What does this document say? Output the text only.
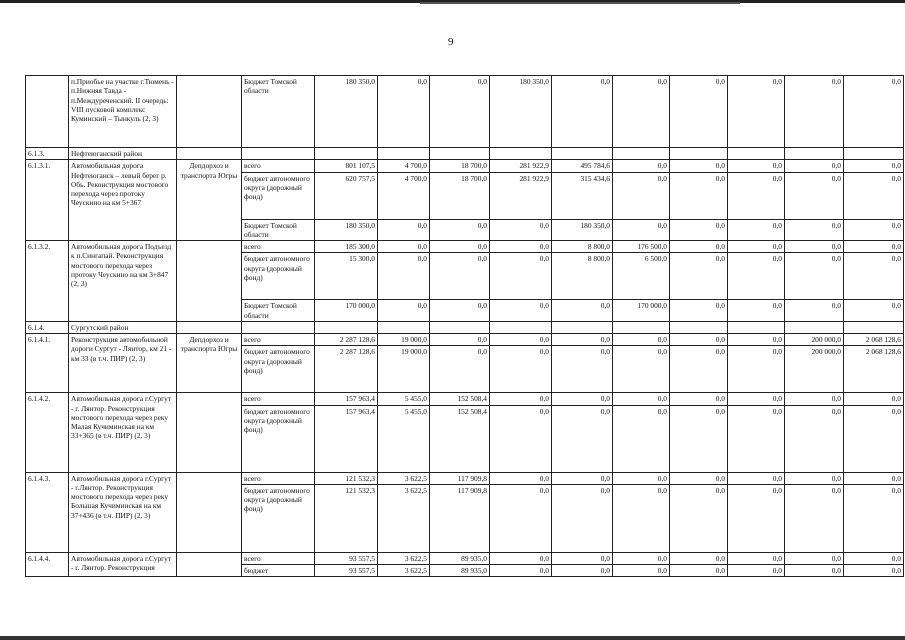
9
	п.Приобье на участке г.Тюмень - п.Нижняя Тавда - п.Междуреченский. II очередь: VIII пусковой комплекс Куминский – Тынкуль (2, 3)		Бюджет Томской области	180 350,0	0,0	0,0	180 350,0	0,0	0,0	0,0	0,0	0,0	0,0
6.1.3.	Нефтеюганский район												
6.1.3.1.	Автомобильная дорога Нефтеюганск – левый берег р. Обь. Реконструкция мостового перехода через протоку Чеускино на км 5+367	Депдорхоз и транспорта Югры	всего	801 107,5	4 700,0	18 700,0	281 922,9	495 784,6	0,0	0,0	0,0	0,0	0,0
			бюджет автономного округа (дорожный фонд)	620 757,5	4 700,0	18 700,0	281 922,9	315 434,6	0,0	0,0	0,0	0,0	0,0
			Бюджет Томской области	180 350,0	0,0	0,0	0,0	180 350,0	0,0	0,0	0,0	0,0	0,0
6.1.3.2.	Автомобильная дорога Подъезд к п.Сингапай. Реконструкция мостового перехода через протоку Чеускино на км 3+847 (2, 3)		всего	185 300,0	0,0	0,0	0,0	8 800,0	176 500,0	0,0	0,0	0,0	0,0
			бюджет автономного округа (дорожный фонд)	15 300,0	0,0	0,0	0,0	8 800,0	6 500,0	0,0	0,0	0,0	0,0
			Бюджет Томской области	170 000,0	0,0	0,0	0,0	0,0	170 000,0	0,0	0,0	0,0	0,0
6.1.4.	Сургутский район												
6.1.4.1.	Реконструкция автомобильной дороги Сургут - Лянтор, км 21 - км 33 (в т.ч. ПИР) (2, 3)	Депдорхоз и транспорта Югры	всего	2 287 128,6	19 000,0	0,0	0,0	0,0	0,0	0,0	0,0	200 000,0	2 068 128,6
			бюджет автономного округа (дорожный фонд)	2 287 128,6	19 000,0	0,0	0,0	0,0	0,0	0,0	0,0	200 000,0	2 068 128,6
6.1.4.2.	Автомобильная дорога г.Сургут - г. Лянтор. Реконструкция мостового перехода через реку Малая Кучиминская на км 33+365 (в т.ч. ПИР) (2, 3)		всего	157 963,4	5 455,0	152 508,4	0,0	0,0	0,0	0,0	0,0	0,0	0,0
			бюджет автономного округа (дорожный фонд)	157 963,4	5 455,0	152 508,4	0,0	0,0	0,0	0,0	0,0	0,0	0,0
6.1.4.3.	Автомобильная дорога г.Сургут - г.Лянтор. Реконструкция мостового перехода через реку Большая Кучиминская на км 37+436 (в т.ч. ПИР) (2, 3)		всего	121 532,3	3 622,5	117 909,8	0,0	0,0	0,0	0,0	0,0	0,0	0,0
			бюджет автономного округа (дорожный фонд)	121 532,3	3 622,5	117 909,8	0,0	0,0	0,0	0,0	0,0	0,0	0,0
6.1.4.4.	Автомобильная дорога г.Сургут - г. Лянтор. Реконструкция		всего	93 557,5	3 622,5	89 935,0	0,0	0,0	0,0	0,0	0,0	0,0	0,0
			бюджет	93 557,5	3 622,5	89 935,0	0,0	0,0	0,0	0,0	0,0	0,0	0,0
